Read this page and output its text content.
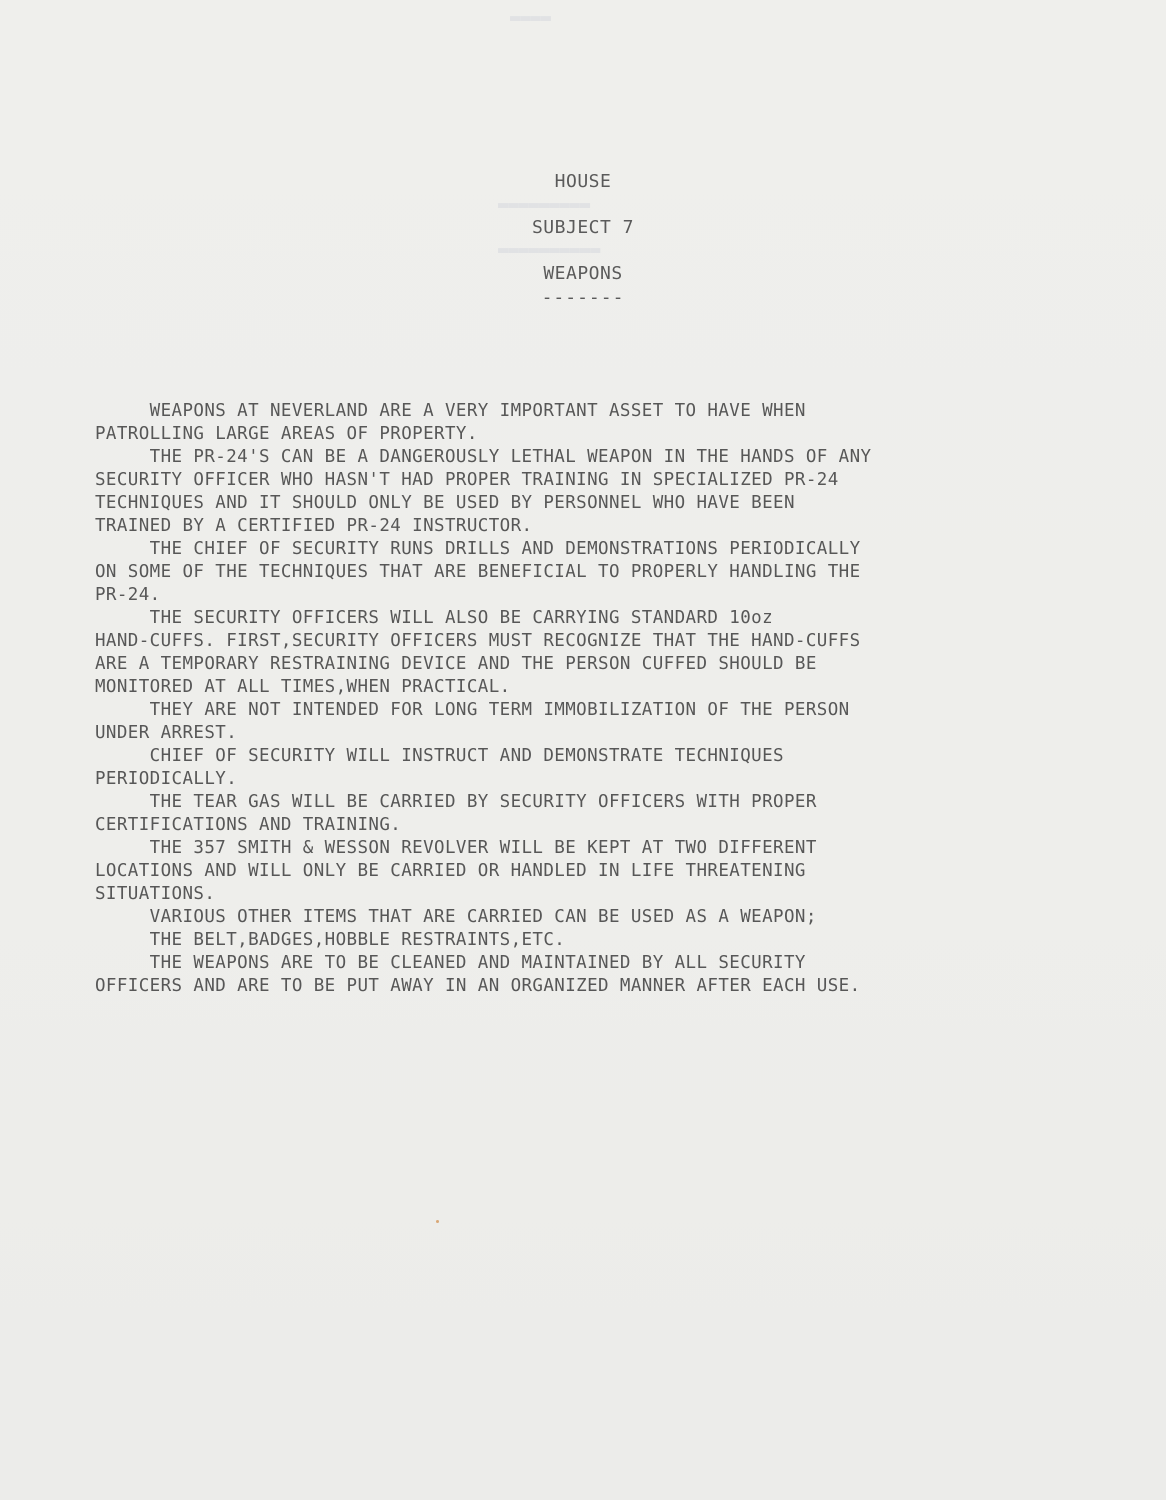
▬▬▬▬
▬▬▬▬▬▬▬▬▬
▬▬▬▬▬▬▬▬▬▬
HOUSE
SUBJECT 7
WEAPONS
-------
WEAPONS AT NEVERLAND ARE A VERY IMPORTANT ASSET TO HAVE WHEN
PATROLLING LARGE AREAS OF PROPERTY.
THE PR-24'S CAN BE A DANGEROUSLY LETHAL WEAPON IN THE HANDS OF ANY
SECURITY OFFICER WHO HASN'T HAD PROPER TRAINING IN SPECIALIZED PR-24
TECHNIQUES AND IT SHOULD ONLY BE USED BY PERSONNEL WHO HAVE BEEN
TRAINED BY A CERTIFIED PR-24 INSTRUCTOR.
THE CHIEF OF SECURITY RUNS DRILLS AND DEMONSTRATIONS PERIODICALLY
ON SOME OF THE TECHNIQUES THAT ARE BENEFICIAL TO PROPERLY HANDLING THE
PR-24.
THE SECURITY OFFICERS WILL ALSO BE CARRYING STANDARD 10oz
HAND-CUFFS. FIRST,SECURITY OFFICERS MUST RECOGNIZE THAT THE HAND-CUFFS
ARE A TEMPORARY RESTRAINING DEVICE AND THE PERSON CUFFED SHOULD BE
MONITORED AT ALL TIMES,WHEN PRACTICAL.
THEY ARE NOT INTENDED FOR LONG TERM IMMOBILIZATION OF THE PERSON
UNDER ARREST.
CHIEF OF SECURITY WILL INSTRUCT AND DEMONSTRATE TECHNIQUES
PERIODICALLY.
THE TEAR GAS WILL BE CARRIED BY SECURITY OFFICERS WITH PROPER
CERTIFICATIONS AND TRAINING.
THE 357 SMITH & WESSON REVOLVER WILL BE KEPT AT TWO DIFFERENT
LOCATIONS AND WILL ONLY BE CARRIED OR HANDLED IN LIFE THREATENING
SITUATIONS.
VARIOUS OTHER ITEMS THAT ARE CARRIED CAN BE USED AS A WEAPON;
THE BELT,BADGES,HOBBLE RESTRAINTS,ETC.
THE WEAPONS ARE TO BE CLEANED AND MAINTAINED BY ALL SECURITY
OFFICERS AND ARE TO BE PUT AWAY IN AN ORGANIZED MANNER AFTER EACH USE.
